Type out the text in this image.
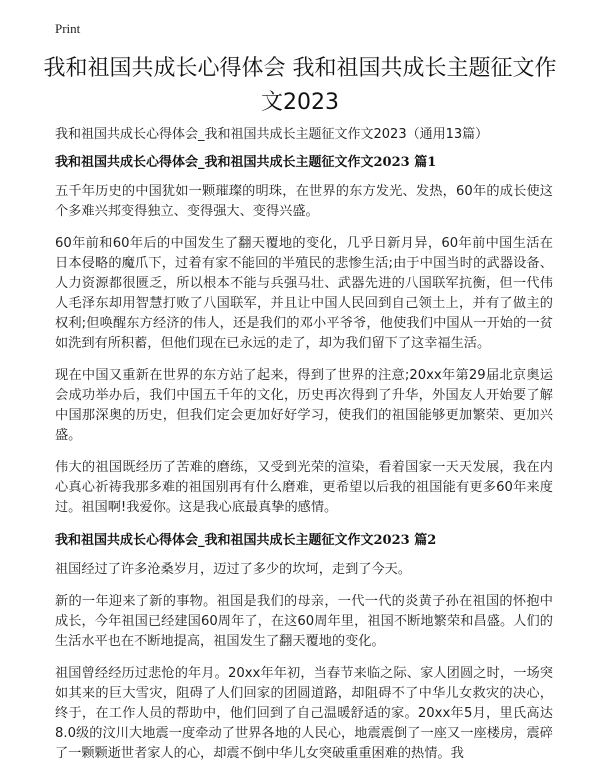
Print
我和祖国共成长心得体会 我和祖国共成长主题征文作文2023

我和祖国共成长心得体会_我和祖国共成长主题征文作文2023（通用13篇）

我和祖国共成长心得体会_我和祖国共成长主题征文作文2023 篇1

五千年历史的中国犹如一颗璀璨的明珠，在世界的东方发光、发热，60年的成长使这个多难兴邦变得独立、变得强大、变得兴盛。

60年前和60年后的中国发生了翻天覆地的变化，几乎日新月异，60年前中国生活在日本侵略的魔爪下，过着有家不能回的半殖民的悲惨生活;由于中国当时的武器设备、人力资源都很匮乏，所以根本不能与兵强马壮、武器先进的八国联军抗衡，但一代伟人毛泽东却用智慧打败了八国联军，并且让中国人民回到自己领土上，并有了做主的权利;但唤醒东方经济的伟人，还是我们的邓小平爷爷，他使我们中国从一开始的一贫如洗到有所积蓄，但他们现在已永远的走了，却为我们留下了这幸福生活。

现在中国又重新在世界的东方站了起来，得到了世界的注意;20xx年第29届北京奥运会成功举办后，我们中国五千年的文化，历史再次得到了升华，外国友人开始要了解中国那深奥的历史，但我们定会更加好好学习，使我们的祖国能够更加繁荣、更加兴盛。

伟大的祖国既经历了苦难的磨练，又受到光荣的渲染，看着国家一天天发展，我在内心真心祈祷我那多难的祖国别再有什么磨难，更希望以后我的祖国能有更多60年来度过。祖国啊!我爱你。这是我心底最真挚的感情。

我和祖国共成长心得体会_我和祖国共成长主题征文作文2023 篇2

祖国经过了许多沧桑岁月，迈过了多少的坎坷，走到了今天。

新的一年迎来了新的事物。祖国是我们的母亲，一代一代的炎黄子孙在祖国的怀抱中成长，今年祖国已经建国60周年了，在这60周年里，祖国不断地繁荣和昌盛。人们的生活水平也在不断地提高，祖国发生了翻天覆地的变化。

祖国曾经经历过悲怆的年月。20xx年年初，当春节来临之际、家人团圆之时，一场突如其来的巨大雪灾，阻碍了人们回家的团圆道路，却阻碍不了中华儿女救灾的决心，终于，在工作人员的帮助中，他们回到了自己温暖舒适的家。20xx年5月，里氏高达8.0级的汶川大地震一度牵动了世界各地的人民心，地震震倒了一座又一座楼房，震碎了一颗颗逝世者家人的心，却震不倒中华儿女突破重重困难的热情。我
